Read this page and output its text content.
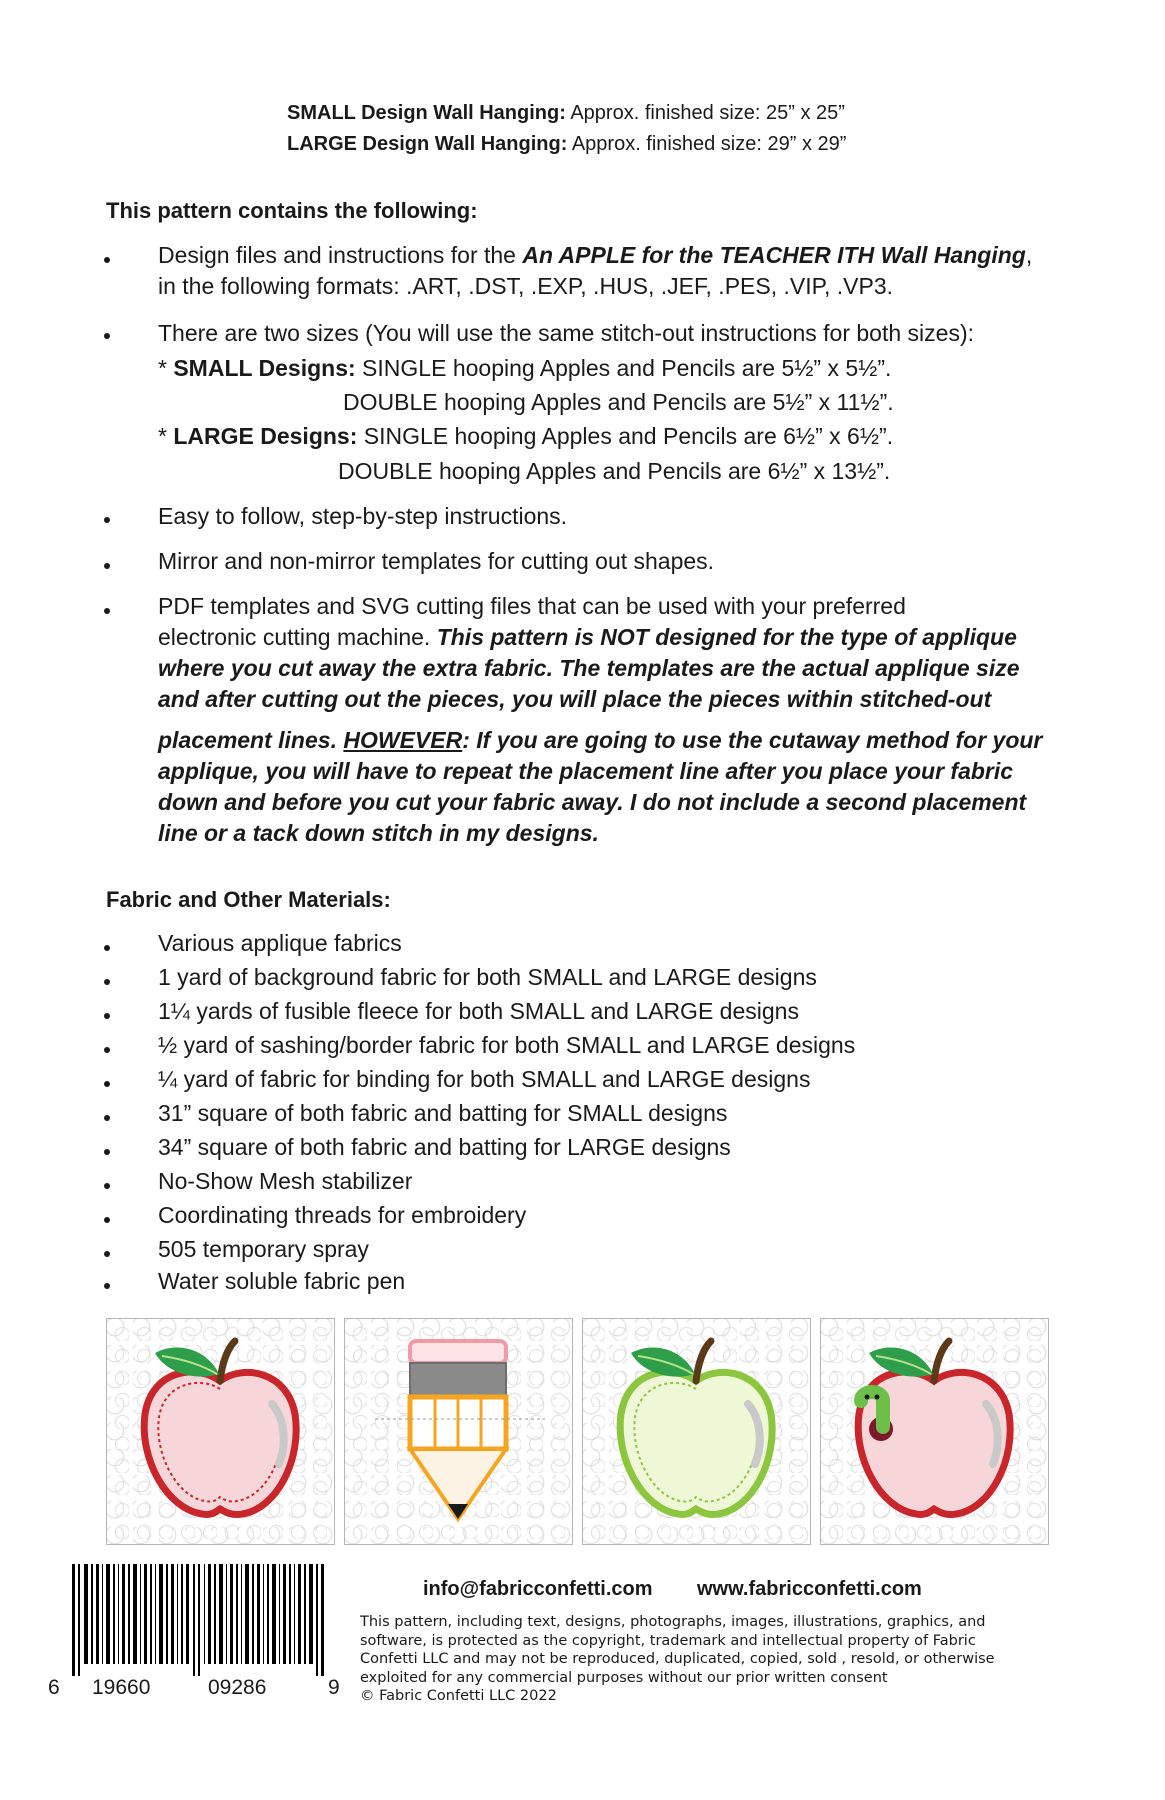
SMALL Design Wall Hanging: Approx. finished size: 25” x 25”
LARGE Design Wall Hanging: Approx. finished size: 29” x 29”
This pattern contains the following:
Design files and instructions for the An APPLE for the TEACHER ITH Wall Hanging,
in the following formats: .ART, .DST, .EXP, .HUS, .JEF, .PES, .VIP, .VP3.
There are two sizes (You will use the same stitch-out instructions for both sizes):
* SMALL Designs: SINGLE hooping Apples and Pencils are 5½” x 5½”.
DOUBLE hooping Apples and Pencils are 5½” x 11½”.
* LARGE Designs: SINGLE hooping Apples and Pencils are 6½” x 6½”.
DOUBLE hooping Apples and Pencils are 6½” x 13½”.
Easy to follow, step-by-step instructions.
Mirror and non-mirror templates for cutting out shapes.
PDF templates and SVG cutting files that can be used with your preferred
electronic cutting machine. This pattern is NOT designed for the type of applique
where you cut away the extra fabric. The templates are the actual applique size
and after cutting out the pieces, you will place the pieces within stitched-out
placement lines. HOWEVER: If you are going to use the cutaway method for your
applique, you will have to repeat the placement line after you place your fabric
down and before you cut your fabric away. I do not include a second placement
line or a tack down stitch in my designs.
Fabric and Other Materials:
Various applique fabrics
1 yard of background fabric for both SMALL and LARGE designs
1¼ yards of fusible fleece for both SMALL and LARGE designs
½ yard of sashing/border fabric for both SMALL and LARGE designs
¼ yard of fabric for binding for both SMALL and LARGE designs
31” square of both fabric and batting for SMALL designs
34” square of both fabric and batting for LARGE designs
No-Show Mesh stabilizer
Coordinating threads for embroidery
505 temporary spray
Water soluble fabric pen
6 19660	09286	9
info@fabricconfetti.com www.fabricconfetti.com
This pattern, including text, designs, photographs, images, illustrations, graphics, and
software, is protected as the copyright, trademark and intellectual property of Fabric
Confetti LLC and may not be reproduced, duplicated, copied, sold , resold, or otherwise
exploited for any commercial purposes without our prior written consent
© Fabric Confetti LLC 2022
